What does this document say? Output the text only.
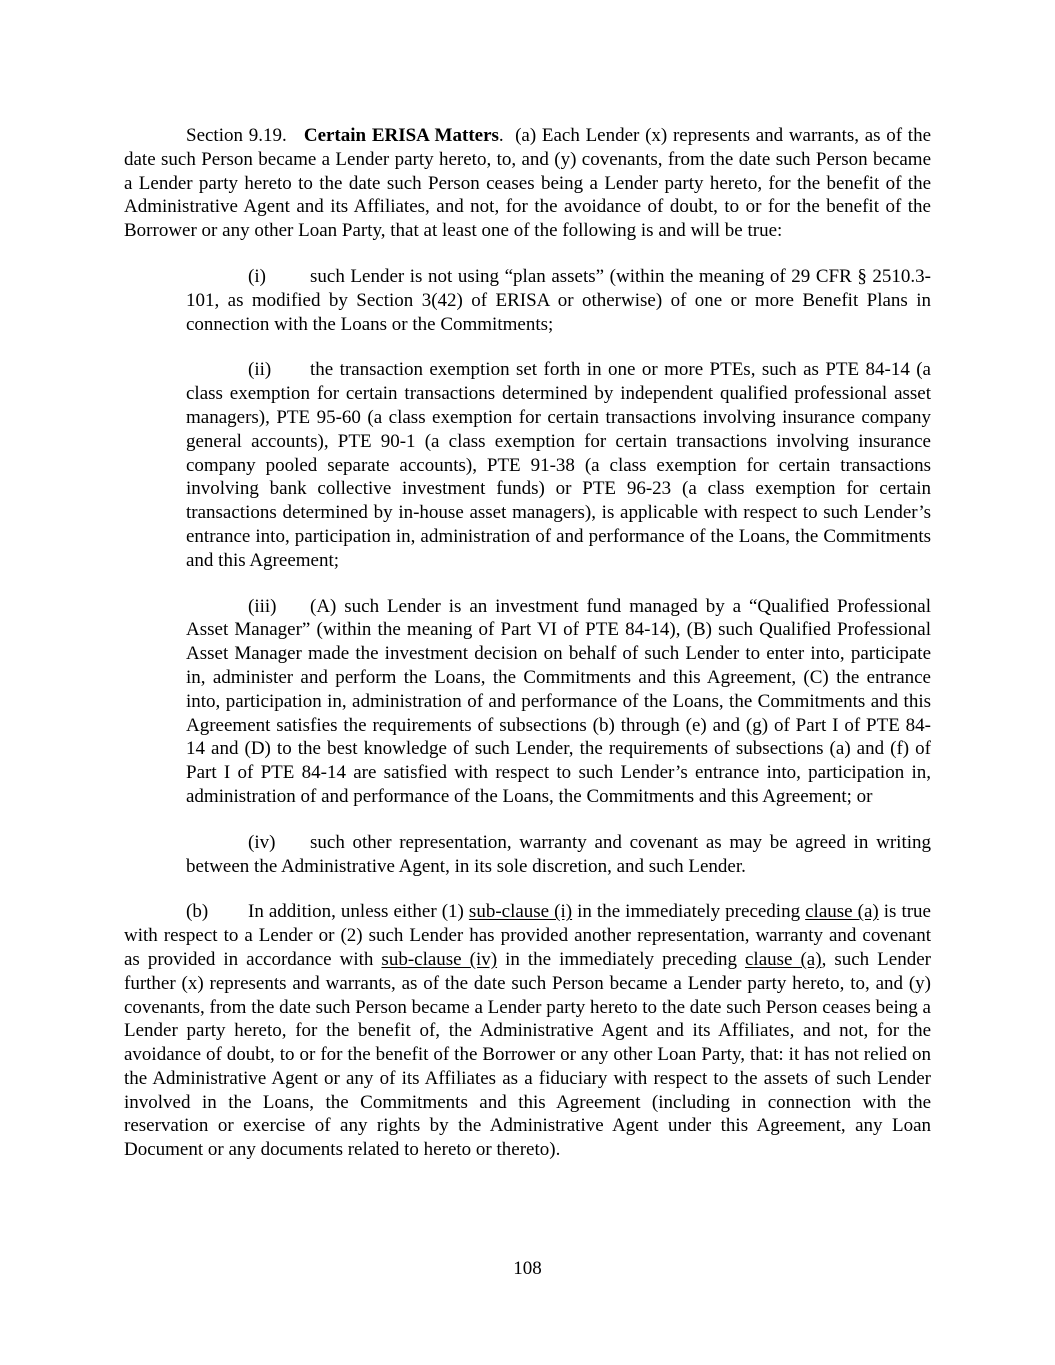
Section 9.19. Certain ERISA Matters. (a) Each Lender (x) represents and warrants, as of the date such Person became a Lender party hereto, to, and (y) covenants, from the date such Person became a Lender party hereto to the date such Person ceases being a Lender party hereto, for the benefit of the Administrative Agent and its Affiliates, and not, for the avoidance of doubt, to or for the benefit of the Borrower or any other Loan Party, that at least one of the following is and will be true:

(i) such Lender is not using “plan assets” (within the meaning of 29 CFR § 2510.3-101, as modified by Section 3(42) of ERISA or otherwise) of one or more Benefit Plans in connection with the Loans or the Commitments;

(ii) the transaction exemption set forth in one or more PTEs, such as PTE 84-14 (a class exemption for certain transactions determined by independent qualified professional asset managers), PTE 95-60 (a class exemption for certain transactions involving insurance company general accounts), PTE 90-1 (a class exemption for certain transactions involving insurance company pooled separate accounts), PTE 91-38 (a class exemption for certain transactions involving bank collective investment funds) or PTE 96-23 (a class exemption for certain transactions determined by in-house asset managers), is applicable with respect to such Lender’s entrance into, participation in, administration of and performance of the Loans, the Commitments and this Agreement;

(iii) (A) such Lender is an investment fund managed by a “Qualified Professional Asset Manager” (within the meaning of Part VI of PTE 84-14), (B) such Qualified Professional Asset Manager made the investment decision on behalf of such Lender to enter into, participate in, administer and perform the Loans, the Commitments and this Agreement, (C) the entrance into, participation in, administration of and performance of the Loans, the Commitments and this Agreement satisfies the requirements of subsections (b) through (e) and (g) of Part I of PTE 84-14 and (D) to the best knowledge of such Lender, the requirements of subsections (a) and (f) of Part I of PTE 84-14 are satisfied with respect to such Lender’s entrance into, participation in, administration of and performance of the Loans, the Commitments and this Agreement; or

(iv) such other representation, warranty and covenant as may be agreed in writing between the Administrative Agent, in its sole discretion, and such Lender.

(b) In addition, unless either (1) sub-clause (i) in the immediately preceding clause (a) is true with respect to a Lender or (2) such Lender has provided another representation, warranty and covenant as provided in accordance with sub-clause (iv) in the immediately preceding clause (a), such Lender further (x) represents and warrants, as of the date such Person became a Lender party hereto, to, and (y) covenants, from the date such Person became a Lender party hereto to the date such Person ceases being a Lender party hereto, for the benefit of, the Administrative Agent and its Affiliates, and not, for the avoidance of doubt, to or for the benefit of the Borrower or any other Loan Party, that: it has not relied on the Administrative Agent or any of its Affiliates as a fiduciary with respect to the assets of such Lender involved in the Loans, the Commitments and this Agreement (including in connection with the reservation or exercise of any rights by the Administrative Agent under this Agreement, any Loan Document or any documents related to hereto or thereto).

108
